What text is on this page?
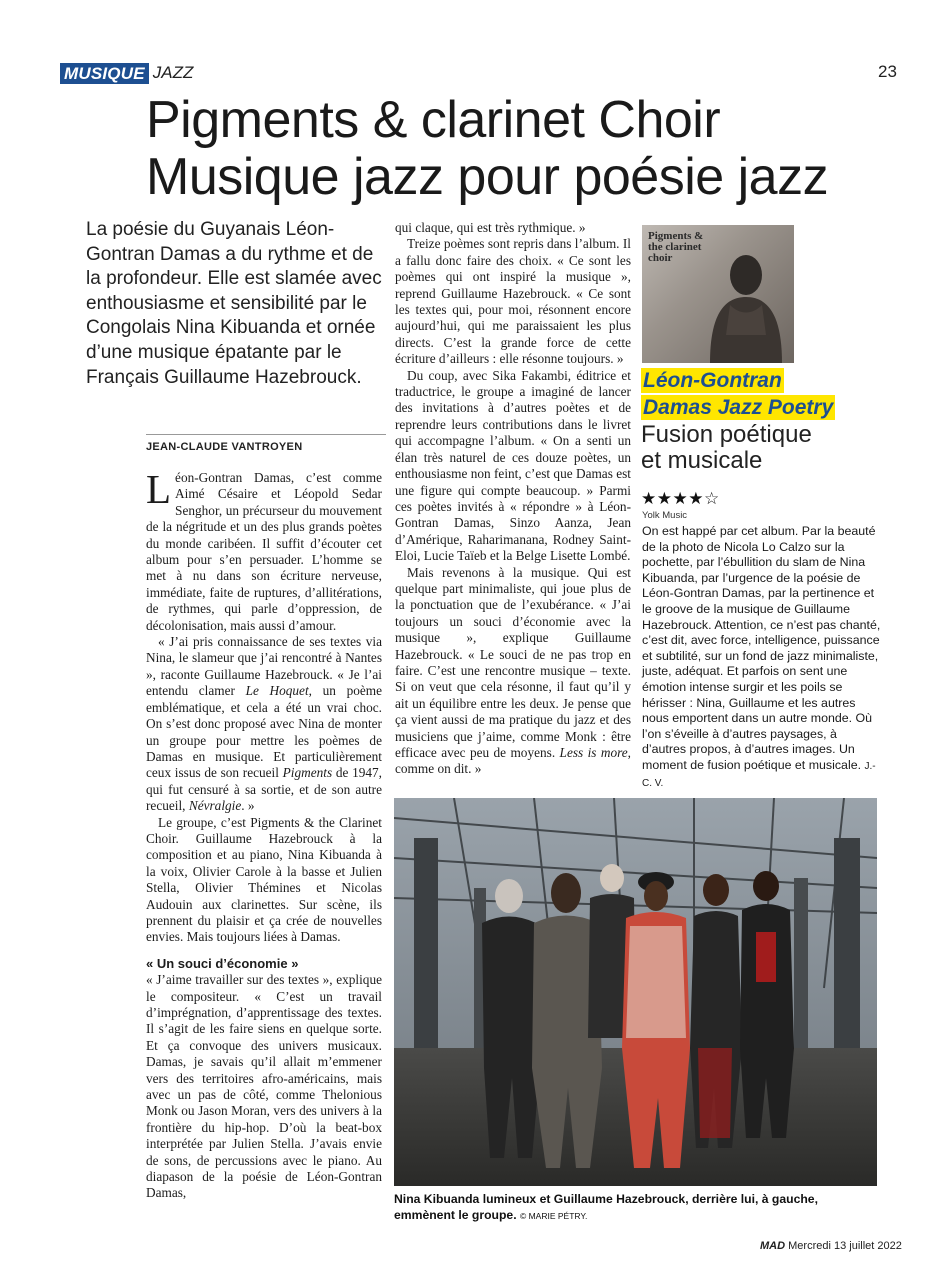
MUSIQUE JAZZ	23
Pigments & clarinet Choir
Musique jazz pour poésie jazz
La poésie du Guyanais Léon-Gontran Damas a du rythme et de la profondeur. Elle est slamée avec enthousiasme et sensibilité par le Congolais Nina Kibuanda et ornée d’une musique épatante par le Français Guillaume Hazebrouck.
JEAN-CLAUDE VANTROYEN

Léon-Gontran Damas, c’est comme Aimé Césaire et Léopold Sedar Senghor, un précurseur du mouvement de la négritude et un des plus grands poètes du monde caribéen. Il suffit d’écouter cet album pour s’en persuader. L’homme se met à nu dans son écriture nerveuse, immédiate, faite de ruptures, d’allitérations, de rythmes, qui parle d’oppression, de décolonisation, mais aussi d’amour.

« J’ai pris connaissance de ses textes via Nina, le slameur que j’ai rencontré à Nantes », raconte Guillaume Hazebrouck. « Je l’ai entendu clamer Le Hoquet, un poème emblématique, et cela a été un vrai choc. On s’est donc proposé avec Nina de monter un groupe pour mettre les poèmes de Damas en musique. Et particulièrement ceux issus de son recueil Pigments de 1947, qui fut censuré à sa sortie, et de son autre recueil, Névralgie. »

Le groupe, c’est Pigments & the Clarinet Choir. Guillaume Hazebrouck à la composition et au piano, Nina Kibuanda à la voix, Olivier Carole à la basse et Julien Stella, Olivier Thémines et Nicolas Audouin aux clarinettes. Sur scène, ils prennent du plaisir et ça crée de nouvelles envies. Mais toujours liées à Damas.

« Un souci d’économie »

« J’aime travailler sur des textes », explique le compositeur. « C’est un travail d’imprégnation, d’apprentissage des textes. Il s’agit de les faire siens en quelque sorte. Et ça convoque des univers musicaux. Damas, je savais qu’il allait m’emmener vers des territoires afro-américains, mais avec un pas de côté, comme Thelonious Monk ou Jason Moran, vers des univers à la frontière du hip-hop. D’où la beat-box interprétée par Julien Stella. J’avais envie de sons, de percussions avec le piano. Au diapason de la poésie de Léon-Gontran Damas,

qui claque, qui est très rythmique. »

Treize poèmes sont repris dans l’album. Il a fallu donc faire des choix. « Ce sont les poèmes qui ont inspiré la musique », reprend Guillaume Hazebrouck. « Ce sont les textes qui, pour moi, résonnent encore aujourd’hui, qui me paraissaient les plus directs. C’est la grande force de cette écriture d’ailleurs : elle résonne toujours. »

Du coup, avec Sika Fakambi, éditrice et traductrice, le groupe a imaginé de lancer des invitations à d’autres poètes et de reprendre leurs contributions dans le livret qui accompagne l’album. « On a senti un élan très naturel de ces douze poètes, un enthousiasme non feint, c’est que Damas est une figure qui compte beaucoup. » Parmi ces poètes invités à « répondre » à Léon-Gontran Damas, Sinzo Aanza, Jean d’Amérique, Raharimanana, Rodney Saint-Eloi, Lucie Taïeb et la Belge Lisette Lombé.

Mais revenons à la musique. Qui est quelque part minimaliste, qui joue plus de la ponctuation que de l’exubérance. « J’ai toujours un souci d’économie avec la musique », explique Guillaume Hazebrouck. « Le souci de ne pas trop en faire. C’est une rencontre musique – texte. Si on veut que cela résonne, il faut qu’il y ait un équilibre entre les deux. Je pense que ça vient aussi de ma pratique du jazz et des musiciens que j’aime, comme Monk : être efficace avec peu de moyens. Less is more, comme on dit. »

Pigments & the clarinet choir
Léon-Gontran
Damas Jazz Poetry
Fusion poétique
et musicale
★★★★☆
Yolk Music
On est happé par cet album. Par la beauté de la photo de Nicola Lo Calzo sur la pochette, par l’ébullition du slam de Nina Kibuanda, par l’urgence de la poésie de Léon-Gontran Damas, par la pertinence et le groove de la musique de Guillaume Hazebrouck. Attention, ce n’est pas chanté, c’est dit, avec force, intelligence, puissance et subtilité, sur un fond de jazz minimaliste, juste, adéquat. Et parfois on sent une émotion intense surgir et les poils se hérisser : Nina, Guillaume et les autres nous emportent dans un autre monde. Où l’on s’éveille à d’autres paysages, à d’autres propos, à d’autres images. Un moment de fusion poétique et musicale. J.-C. V.
Nina Kibuanda lumineux et Guillaume Hazebrouck, derrière lui, à gauche, emmènent le groupe. © MARIE PÉTRY.
MAD Mercredi 13 juillet 2022
